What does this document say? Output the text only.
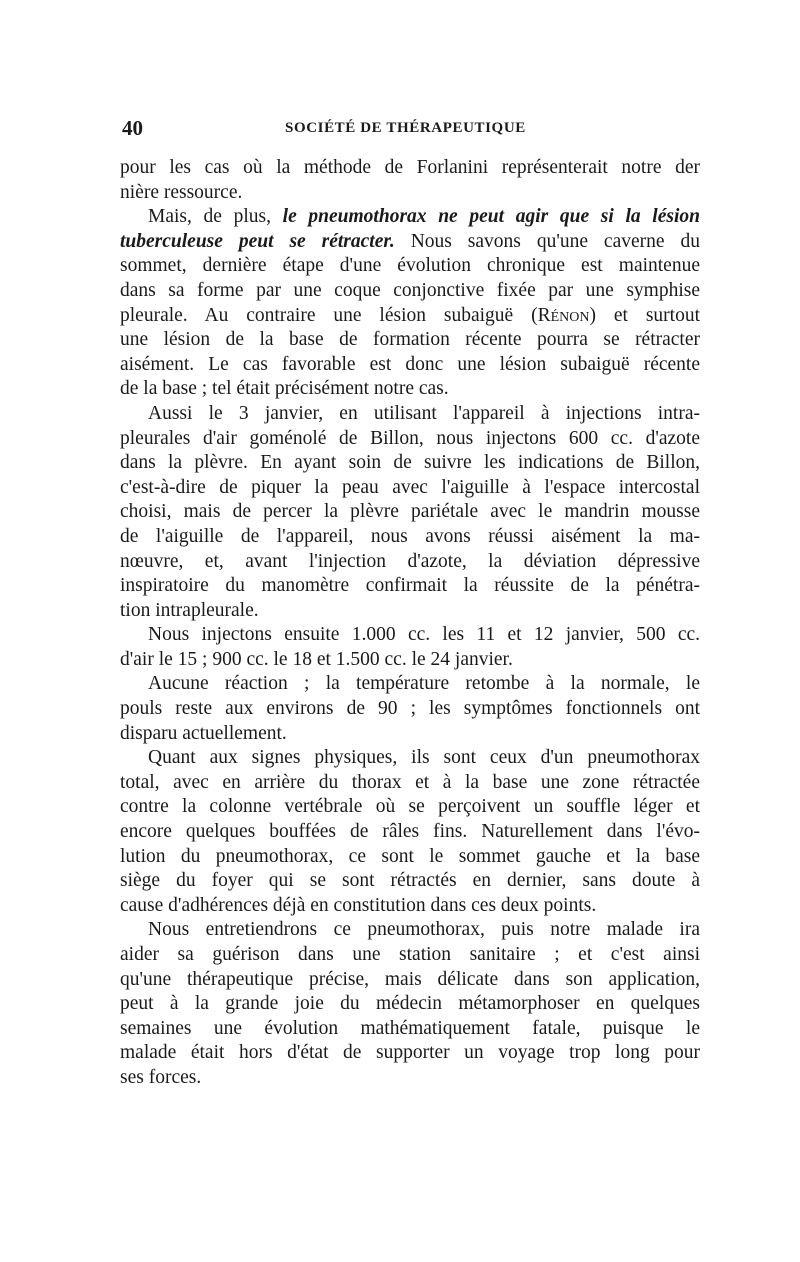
40	SOCIÉTÉ DE THÉRAPEUTIQUE
pour les cas où la méthode de Forlanini représenterait notre der
nière ressource.
Mais, de plus, le pneumothorax ne peut agir que si la lésion
tuberculeuse peut se rétracter. Nous savons qu'une caverne du
sommet, dernière étape d'une évolution chronique est maintenue
dans sa forme par une coque conjonctive fixée par une symphise
pleurale. Au contraire une lésion subaiguë (Rénon) et surtout
une lésion de la base de formation récente pourra se rétracter
aisément. Le cas favorable est donc une lésion subaiguë récente
de la base ; tel était précisément notre cas.
Aussi le 3 janvier, en utilisant l'appareil à injections intra-
pleurales d'air goménolé de Billon, nous injectons 600 cc. d'azote
dans la plèvre. En ayant soin de suivre les indications de Billon,
c'est-à-dire de piquer la peau avec l'aiguille à l'espace intercostal
choisi, mais de percer la plèvre pariétale avec le mandrin mousse
de l'aiguille de l'appareil, nous avons réussi aisément la ma-
nœuvre, et, avant l'injection d'azote, la déviation dépressive
inspiratoire du manomètre confirmait la réussite de la pénétra-
tion intrapleurale.
Nous injectons ensuite 1.000 cc. les 11 et 12 janvier, 500 cc.
d'air le 15 ; 900 cc. le 18 et 1.500 cc. le 24 janvier.
Aucune réaction ; la température retombe à la normale, le
pouls reste aux environs de 90 ; les symptômes fonctionnels ont
disparu actuellement.
Quant aux signes physiques, ils sont ceux d'un pneumothorax
total, avec en arrière du thorax et à la base une zone rétractée
contre la colonne vertébrale où se perçoivent un souffle léger et
encore quelques bouffées de râles fins. Naturellement dans l'évo-
lution du pneumothorax, ce sont le sommet gauche et la base
siège du foyer qui se sont rétractés en dernier, sans doute à
cause d'adhérences déjà en constitution dans ces deux points.
Nous entretiendrons ce pneumothorax, puis notre malade ira
aider sa guérison dans une station sanitaire ; et c'est ainsi
qu'une thérapeutique précise, mais délicate dans son application,
peut à la grande joie du médecin métamorphoser en quelques
semaines une évolution mathématiquement fatale, puisque le
malade était hors d'état de supporter un voyage trop long pour
ses forces.
